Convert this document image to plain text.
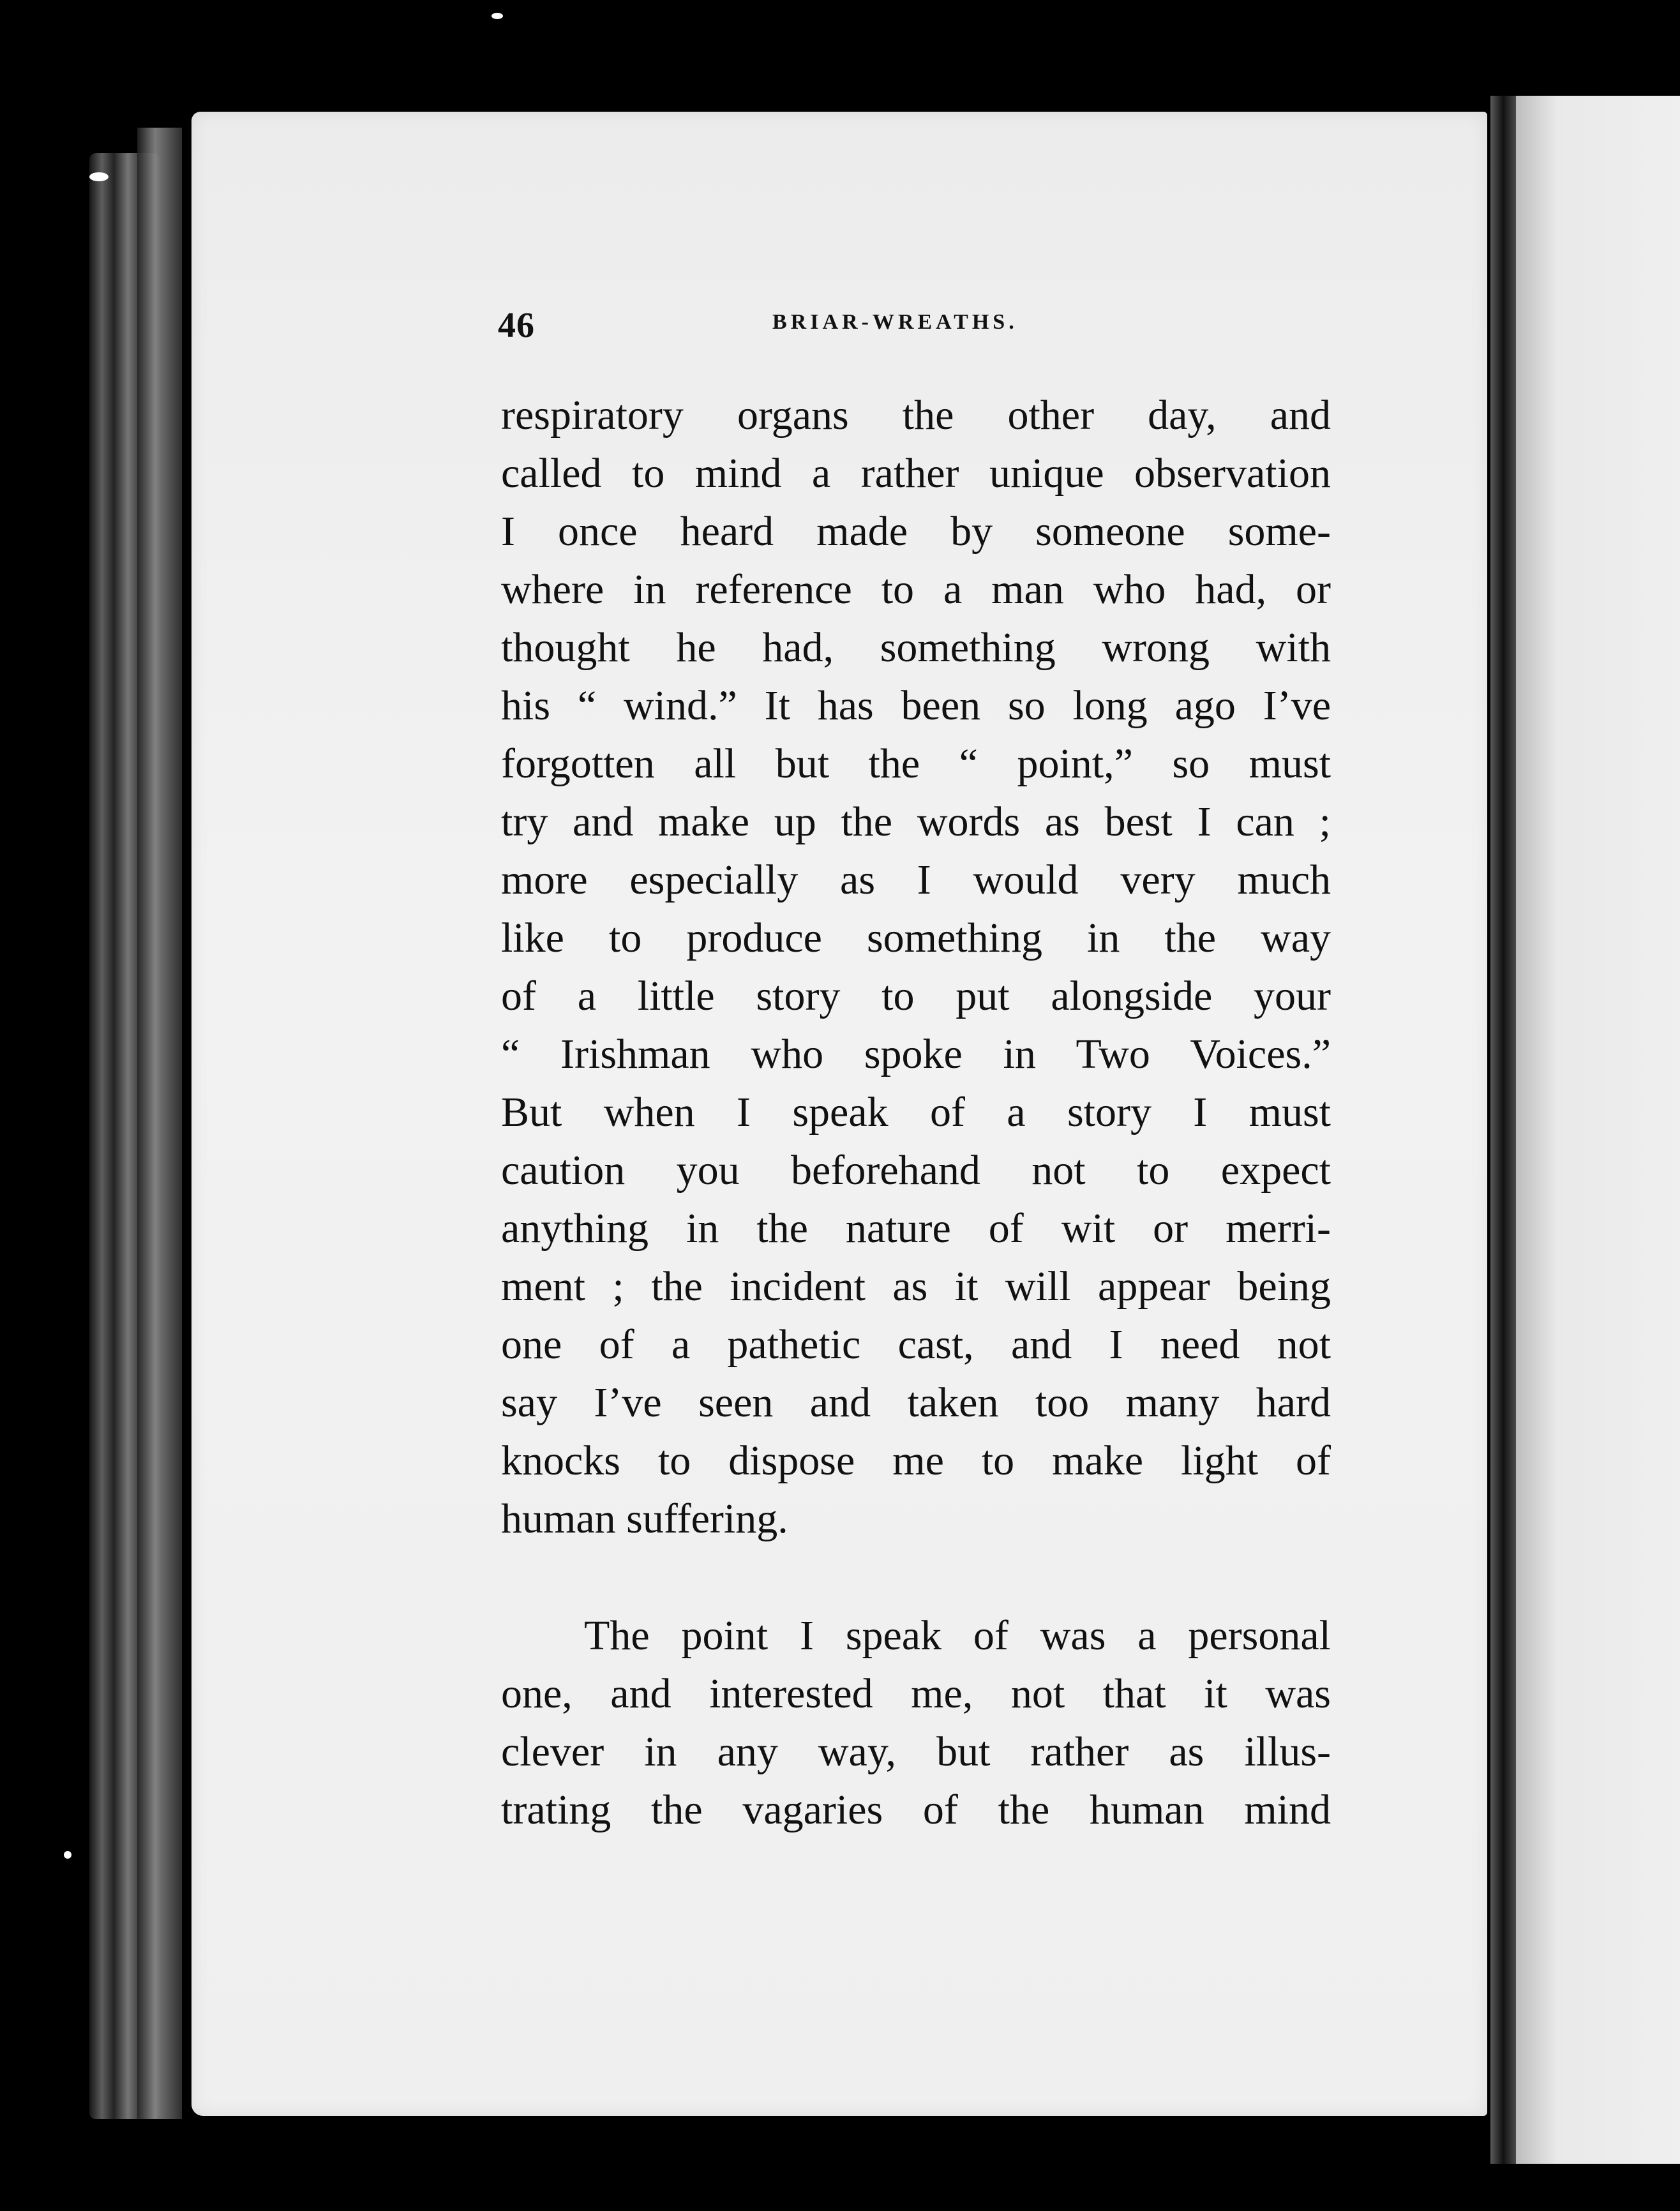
46	BRIAR-WREATHS.
respiratory organs the other day, and
called to mind a rather unique observation
I once heard made by someone some-
where in reference to a man who had, or
thought he had, something wrong with
his “ wind.” It has been so long ago I’ve
forgotten all but the “ point,” so must
try and make up the words as best I can ;
more especially as I would very much
like to produce something in the way
of a little story to put alongside your
“ Irishman who spoke in Two Voices.”
But when I speak of a story I must
caution you beforehand not to expect
anything in the nature of wit or merri-
ment ; the incident as it will appear being
one of a pathetic cast, and I need not
say I’ve seen and taken too many hard
knocks to dispose me to make light of
human suffering.
The point I speak of was a personal
one, and interested me, not that it was
clever in any way, but rather as illus-
trating the vagaries of the human mind
